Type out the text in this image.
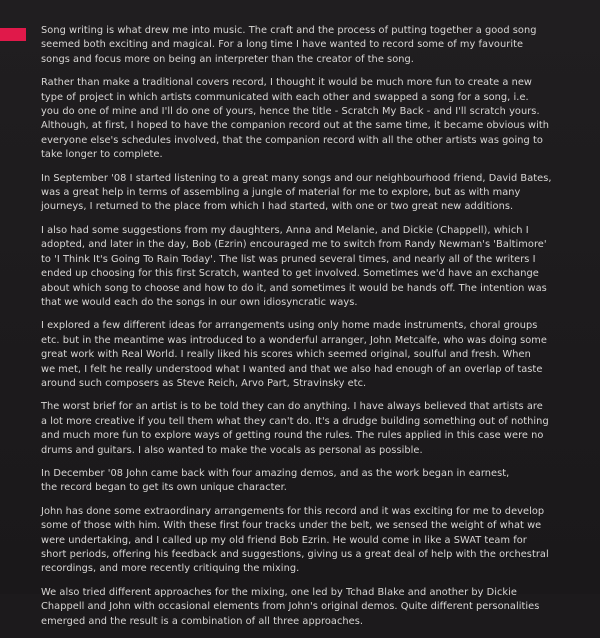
Song writing is what drew me into music. The craft and the process of putting together a good song
seemed both exciting and magical. For a long time I have wanted to record some of my favourite
songs and focus more on being an interpreter than the creator of the song.

Rather than make a traditional covers record, I thought it would be much more fun to create a new
type of project in which artists communicated with each other and swapped a song for a song, i.e.
you do one of mine and I'll do one of yours, hence the title - Scratch My Back - and I'll scratch yours.
Although, at first, I hoped to have the companion record out at the same time, it became obvious with
everyone else's schedules involved, that the companion record with all the other artists was going to
take longer to complete.

In September '08 I started listening to a great many songs and our neighbourhood friend, David Bates,
was a great help in terms of assembling a jungle of material for me to explore, but as with many
journeys, I returned to the place from which I had started, with one or two great new additions.

I also had some suggestions from my daughters, Anna and Melanie, and Dickie (Chappell), which I
adopted, and later in the day, Bob (Ezrin) encouraged me to switch from Randy Newman's 'Baltimore'
to 'I Think It's Going To Rain Today'. The list was pruned several times, and nearly all of the writers I
ended up choosing for this first Scratch, wanted to get involved. Sometimes we'd have an exchange
about which song to choose and how to do it, and sometimes it would be hands off. The intention was
that we would each do the songs in our own idiosyncratic ways.

I explored a few different ideas for arrangements using only home made instruments, choral groups
etc. but in the meantime was introduced to a wonderful arranger, John Metcalfe, who was doing some
great work with Real World. I really liked his scores which seemed original, soulful and fresh. When
we met, I felt he really understood what I wanted and that we also had enough of an overlap of taste
around such composers as Steve Reich, Arvo Part, Stravinsky etc.

The worst brief for an artist is to be told they can do anything. I have always believed that artists are
a lot more creative if you tell them what they can't do. It's a drudge building something out of nothing
and much more fun to explore ways of getting round the rules. The rules applied in this case were no
drums and guitars. I also wanted to make the vocals as personal as possible.

In December '08 John came back with four amazing demos, and as the work began in earnest,
the record began to get its own unique character.

John has done some extraordinary arrangements for this record and it was exciting for me to develop
some of those with him. With these first four tracks under the belt, we sensed the weight of what we
were undertaking, and I called up my old friend Bob Ezrin. He would come in like a SWAT team for
short periods, offering his feedback and suggestions, giving us a great deal of help with the orchestral
recordings, and more recently critiquing the mixing.

We also tried different approaches for the mixing, one led by Tchad Blake and another by Dickie
Chappell and John with occasional elements from John's original demos. Quite different personalities
emerged and the result is a combination of all three approaches.
